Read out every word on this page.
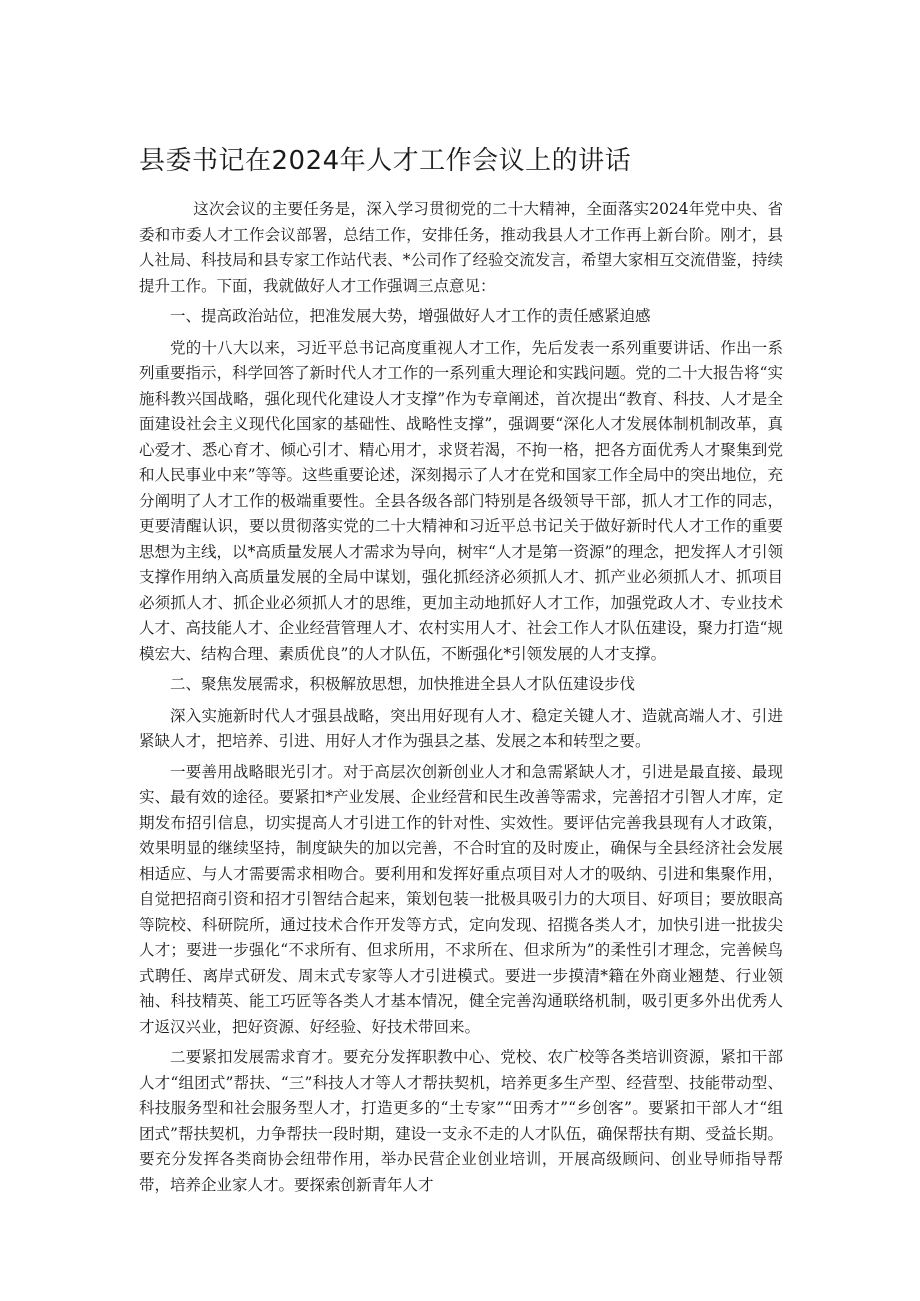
县委书记在2024年人才工作会议上的讲话

这次会议的主要任务是，深入学习贯彻党的二十大精神，全面落实2024年党中央、省委和市委人才工作会议部署，总结工作，安排任务，推动我县人才工作再上新台阶。刚才，县人社局、科技局和县专家工作站代表、*公司作了经验交流发言，希望大家相互交流借鉴，持续提升工作。下面，我就做好人才工作强调三点意见：

一、提高政治站位，把准发展大势，增强做好人才工作的责任感紧迫感

党的十八大以来，习近平总书记高度重视人才工作，先后发表一系列重要讲话、作出一系列重要指示，科学回答了新时代人才工作的一系列重大理论和实践问题。党的二十大报告将“实施科教兴国战略，强化现代化建设人才支撑”作为专章阐述，首次提出“教育、科技、人才是全面建设社会主义现代化国家的基础性、战略性支撑”，强调要“深化人才发展体制机制改革，真心爱才、悉心育才、倾心引才、精心用才，求贤若渴，不拘一格，把各方面优秀人才聚集到党和人民事业中来”等等。这些重要论述，深刻揭示了人才在党和国家工作全局中的突出地位，充分阐明了人才工作的极端重要性。全县各级各部门特别是各级领导干部，抓人才工作的同志，更要清醒认识，要以贯彻落实党的二十大精神和习近平总书记关于做好新时代人才工作的重要思想为主线，以*高质量发展人才需求为导向，树牢“人才是第一资源”的理念，把发挥人才引领支撑作用纳入高质量发展的全局中谋划，强化抓经济必须抓人才、抓产业必须抓人才、抓项目必须抓人才、抓企业必须抓人才的思维，更加主动地抓好人才工作，加强党政人才、专业技术人才、高技能人才、企业经营管理人才、农村实用人才、社会工作人才队伍建设，聚力打造“规模宏大、结构合理、素质优良”的人才队伍，不断强化*引领发展的人才支撑。

二、聚焦发展需求，积极解放思想，加快推进全县人才队伍建设步伐

深入实施新时代人才强县战略，突出用好现有人才、稳定关键人才、造就高端人才、引进紧缺人才，把培养、引进、用好人才作为强县之基、发展之本和转型之要。

一要善用战略眼光引才。对于高层次创新创业人才和急需紧缺人才，引进是最直接、最现实、最有效的途径。要紧扣*产业发展、企业经营和民生改善等需求，完善招才引智人才库，定期发布招引信息，切实提高人才引进工作的针对性、实效性。要评估完善我县现有人才政策，效果明显的继续坚持，制度缺失的加以完善，不合时宜的及时废止，确保与全县经济社会发展相适应、与人才需要需求相吻合。要利用和发挥好重点项目对人才的吸纳、引进和集聚作用，自觉把招商引资和招才引智结合起来，策划包装一批极具吸引力的大项目、好项目；要放眼高等院校、科研院所，通过技术合作开发等方式，定向发现、招揽各类人才，加快引进一批拔尖人才；要进一步强化“不求所有、但求所用，不求所在、但求所为”的柔性引才理念，完善候鸟式聘任、离岸式研发、周末式专家等人才引进模式。要进一步摸清*籍在外商业翘楚、行业领袖、科技精英、能工巧匠等各类人才基本情况，健全完善沟通联络机制，吸引更多外出优秀人才返汉兴业，把好资源、好经验、好技术带回来。

二要紧扣发展需求育才。要充分发挥职教中心、党校、农广校等各类培训资源，紧扣干部人才“组团式”帮扶、“三”科技人才等人才帮扶契机，培养更多生产型、经营型、技能带动型、科技服务型和社会服务型人才，打造更多的“土专家”“田秀才”“乡创客”。要紧扣干部人才“组团式”帮扶契机，力争帮扶一段时期，建设一支永不走的人才队伍，确保帮扶有期、受益长期。要充分发挥各类商协会纽带作用，举办民营企业创业培训，开展高级顾问、创业导师指导帮带，培养企业家人才。要探索创新青年人才
